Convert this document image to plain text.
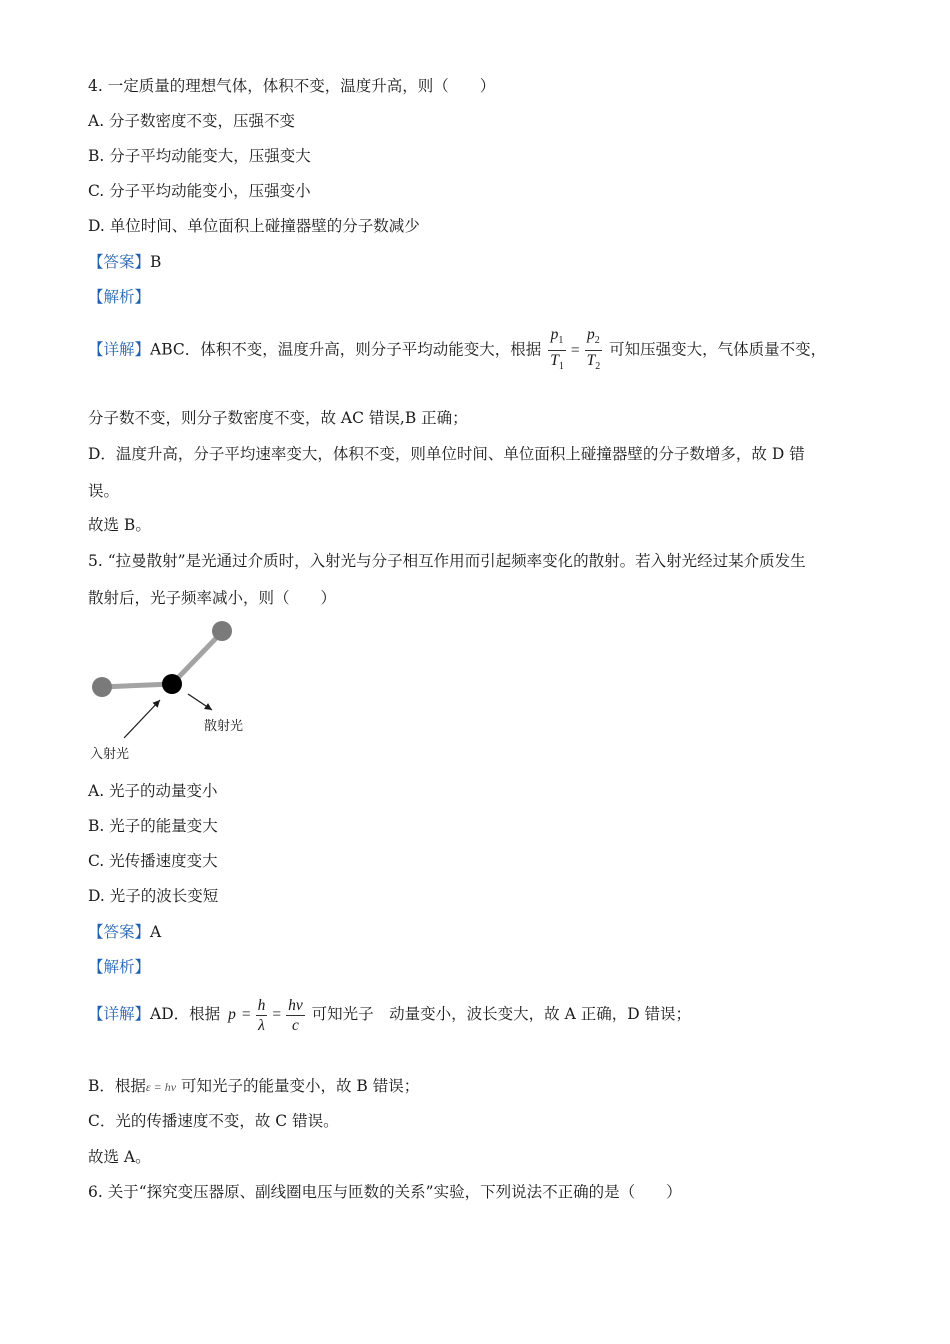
4. 一定质量的理想气体，体积不变，温度升高，则（　　）
A. 分子数密度不变，压强不变
B. 分子平均动能变大，压强变大
C. 分子平均动能变小，压强变小
D. 单位时间、单位面积上碰撞器壁的分子数减少
【答案】B
【解析】
【详解】ABC．体积不变，温度升高，则分子平均动能变大，根据 $\frac{p_1}{T_1} = \frac{p_2}{T_2}$ 可知压强变大，气体质量不变，
分子数不变，则分子数密度不变，故 AC 错误,B 正确；
D．温度升高，分子平均速率变大，体积不变，则单位时间、单位面积上碰撞器壁的分子数增多，故 D 错
误。
故选 B。
5. “拉曼散射”是光通过介质时，入射光与分子相互作用而引起频率变化的散射。若入射光经过某介质发生
散射后，光子频率减小，则（　　）
散射光
入射光
A. 光子的动量变小
B. 光子的能量变大
C. 光传播速度变大
D. 光子的波长变短
【答案】A
【解析】
【详解】AD．根据 $p = \frac{h}{\lambda} = \frac{h\nu}{c}$ 可知光子　动量变小，波长变大，故 A 正确，D 错误；
B．根据ε = hν 可知光子的能量变小，故 B 错误；
C．光的传播速度不变，故 C 错误。
故选 A。
6. 关于“探究变压器原、副线圈电压与匝数的关系”实验，下列说法不正确的是（　　）
